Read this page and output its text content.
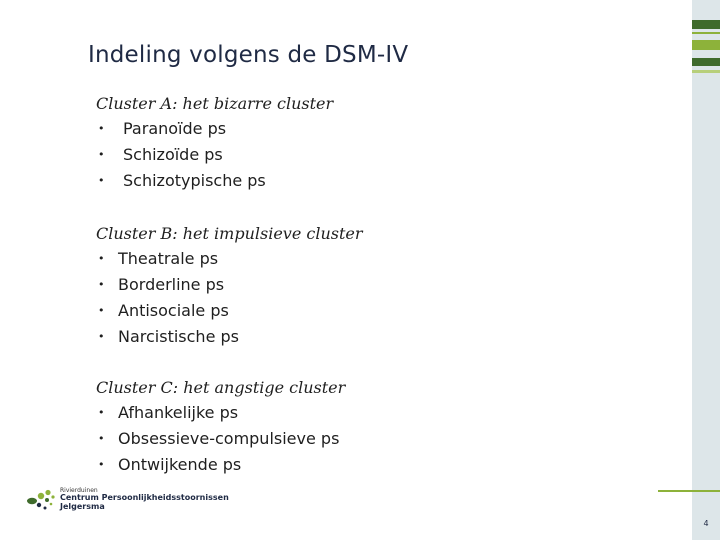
Indeling volgens de DSM-IV
Cluster A: het bizarre cluster
• Paranoïde ps
• Schizoïde ps
• Schizotypische ps
Cluster B: het impulsieve cluster
• Theatrale ps
• Borderline ps
• Antisociale ps
• Narcistische ps
Cluster C: het angstige cluster
• Afhankelijke ps
• Obsessieve-compulsieve ps
• Ontwijkende ps
Rivierduinen
Centrum Persoonlijkheidsstoornissen
Jelgersma
4
